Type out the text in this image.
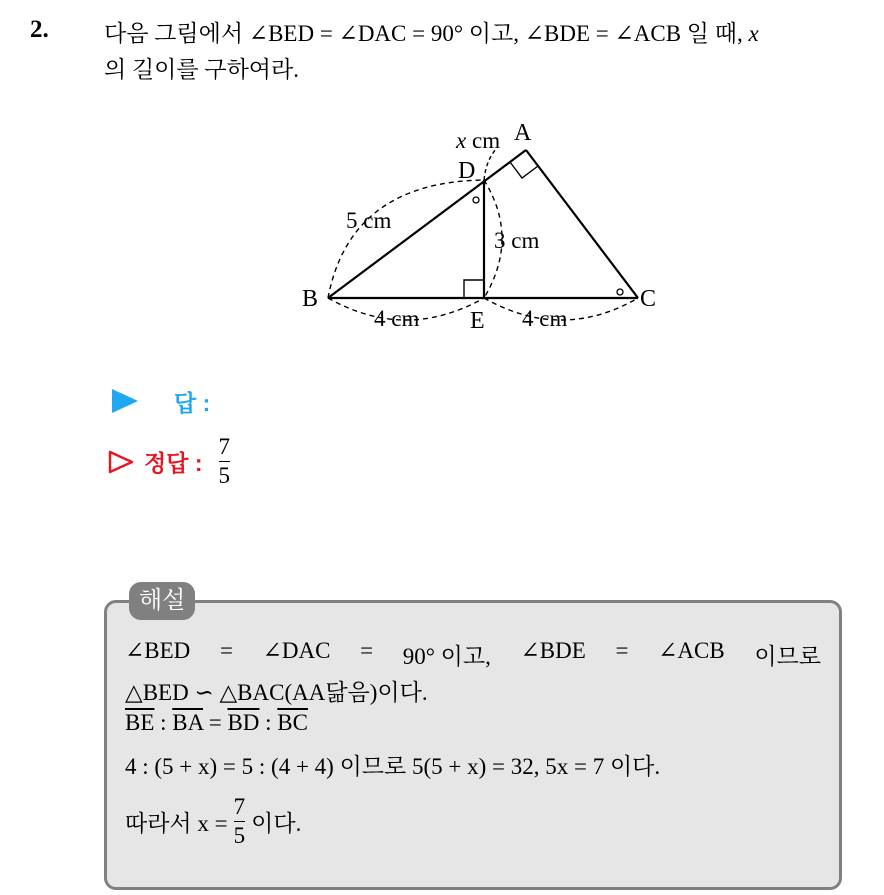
2. 다음 그림에서 ∠BED = ∠DAC = 90° 이고, ∠BDE = ∠ACB 일 때, x
의 길이를 구하여라.
x cm A
D
B	C
E
5 cm
3 cm
4 cm	4 cm
답 :
정답 : $\frac{7}{5}$
해설
∠BED = ∠DAC = 90° 이고, ∠BDE = ∠ACB 이므로
△BED ∽ △BAC(AA닮음)이다.
$\overline{BE}$ : $\overline{BA} = \overline{BD}$ : $\overline{BC}$
4 : (5 + x) = 5 : (4 + 4) 이므로 5(5 + x) = 32, 5x = 7 이다.
따라서 $x = \frac{7}{5}$ 이다.
